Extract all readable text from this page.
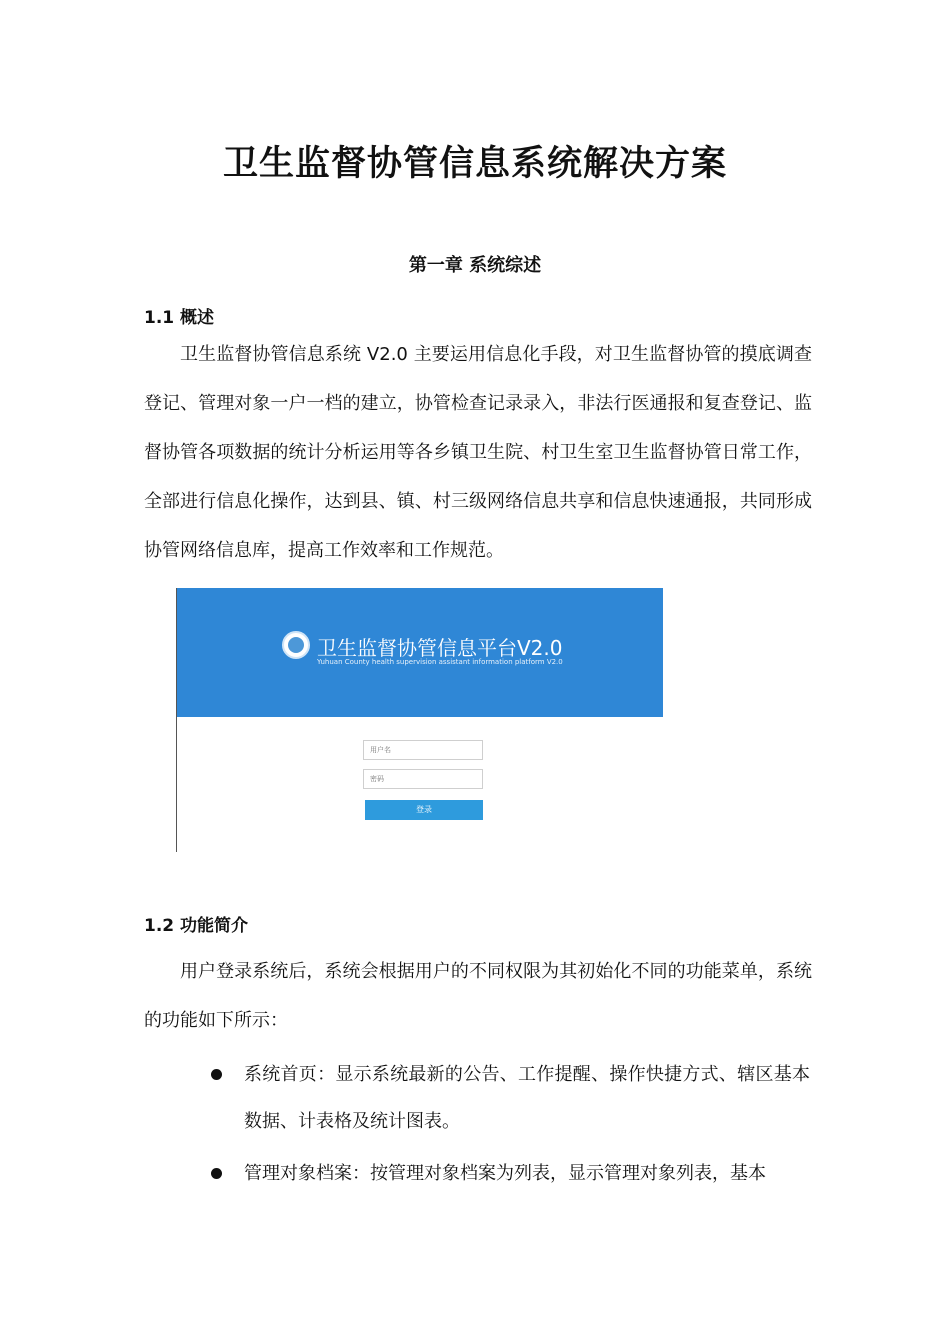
卫生监督协管信息系统解决方案
第一章 系统综述
1.1 概述

卫生监督协管信息系统 V2.0 主要运用信息化手段，对卫生监督协管的摸底调查登记、管理对象一户一档的建立，协管检查记录录入，非法行医通报和复查登记、监督协管各项数据的统计分析运用等各乡镇卫生院、村卫生室卫生监督协管日常工作，全部进行信息化操作，达到县、镇、村三级网络信息共享和信息快速通报，共同形成协管网络信息库，提高工作效率和工作规范。

卫生监督协管信息平台V2.0
Yuhuan County health supervision assistant information platform V2.0
用户名
登录
1.2 功能简介

用户登录系统后，系统会根据用户的不同权限为其初始化不同的功能菜单，系统的功能如下所示：

系统首页：显示系统最新的公告、工作提醒、操作快捷方式、辖区基本数据、计表格及统计图表。

管理对象档案：按管理对象档案为列表，显示管理对象列表，基本
